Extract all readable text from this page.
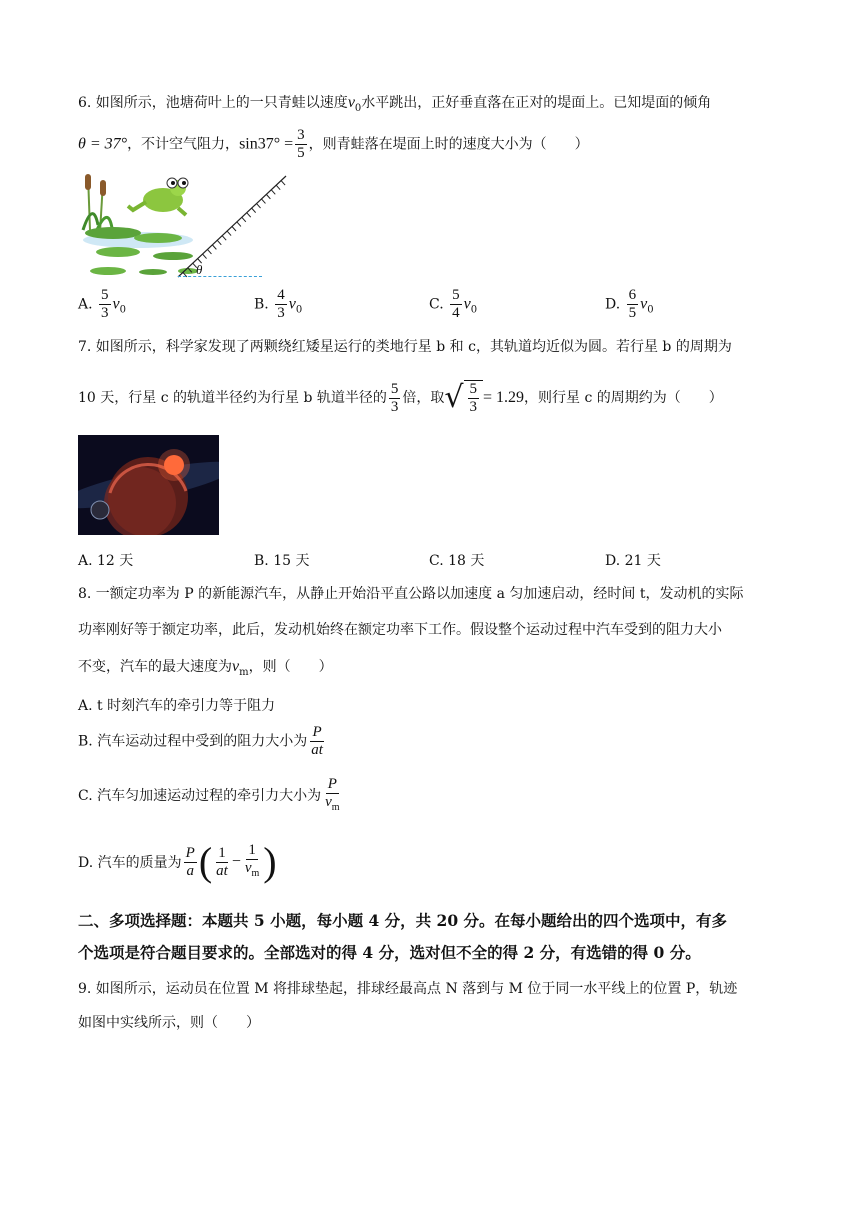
6. 如图所示，池塘荷叶上的一只青蛙以速度$v_0$水平跳出，正好垂直落在正对的堤面上。已知堤面的倾角
θ = 37°，不计空气阻力，$\sin 37^\circ = \frac{3}{5}$ ，则青蛙落在堤面上时的速度大小为（　　）
θ
A. $\frac{5}{3} v_0$	B. $\frac{4}{3} v_0$	C. $\frac{5}{4} v_0$	D. $\frac{6}{5} v_0$
7. 如图所示，科学家发现了两颗绕红矮星运行的类地行星 b 和 c，其轨道均近似为圆。若行星 b 的周期为
10 天，行星 c 的轨道半径约为行星 b 轨道半径的 $\frac{5}{3}$ 倍，取 √ $\frac{5}{3} = 1.29$，则行星 c 的周期约为（　　）
A. 12 天	B. 15 天	C. 18 天	D. 21 天
8. 一额定功率为 P 的新能源汽车，从静止开始沿平直公路以加速度 a 匀加速启动，经时间 t，发动机的实际
功率刚好等于额定功率，此后，发动机始终在额定功率下工作。假设整个运动过程中汽车受到的阻力大小
不变，汽车的最大速度为$v_m$，则（　　）
A. t 时刻汽车的牵引力等于阻力
B. 汽车运动过程中受到的阻力大小为 $\frac{P}{at}$
C. 汽车匀加速运动过程的牵引力大小为 $\frac{P}{v_m}$
D. 汽车的质量为 $\frac{P}{a}$ ( $\frac{1}{at} - \frac{1}{v_m}$ )
二、多项选择题：本题共 5 小题，每小题 4 分，共 20 分。在每小题给出的四个选项中，有多
个选项是符合题目要求的。全部选对的得 4 分，选对但不全的得 2 分，有选错的得 0 分。
9. 如图所示，运动员在位置 M 将排球垫起，排球经最高点 N 落到与 M 位于同一水平线上的位置 P，轨迹
如图中实线所示，则（　　）
